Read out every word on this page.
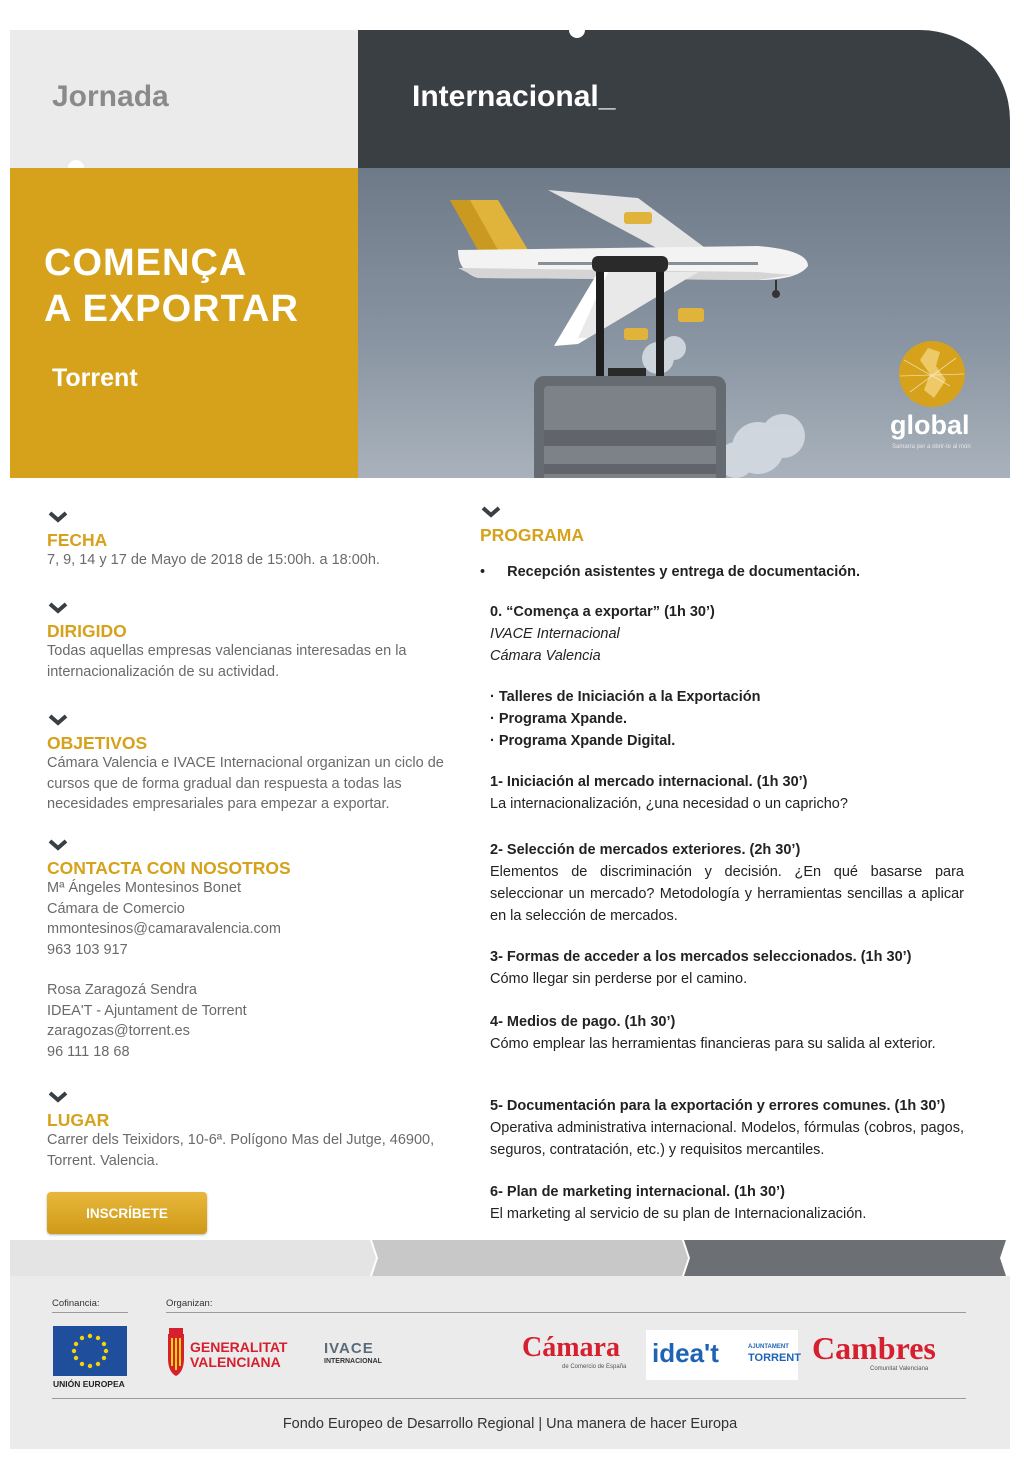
Jornada	Internacional_
COMENÇA
A EXPORTAR
Torrent
global
Samarra per a obrir-te al món
FECHA

7, 9, 14 y 17 de Mayo de 2018 de 15:00h. a 18:00h.

DIRIGIDO

Todas aquellas empresas valencianas interesadas en la internacionalización de su actividad.

OBJETIVOS

Cámara Valencia e IVACE Internacional organizan un ciclo de cursos que de forma gradual dan respuesta a todas las necesidades empresariales para empezar a exportar.

CONTACTA CON NOSOTROS

Mª Ángeles Montesinos Bonet

Cámara de Comercio

mmontesinos@camaravalencia.com

963 103 917

Rosa Zaragozá Sendra

IDEA'T - Ajuntament de Torrent

zaragozas@torrent.es

96 111 18 68

LUGAR

Carrer dels Teixidors, 10-6ª. Polígono Mas del Jutge, 46900, Torrent. Valencia.

INSCRÍBETE
PROGRAMA
• Recepción asistentes y entrega de documentación.
0. “Comença a exportar” (1h 30’)
IVACE Internacional
Cámara Valencia
· Talleres de Iniciación a la Exportación
· Programa Xpande.
· Programa Xpande Digital.
1- Iniciación al mercado internacional. (1h 30’)
La internacionalización, ¿una necesidad o un capricho?
2- Selección de mercados exteriores. (2h 30’)
Elementos de discriminación y decisión. ¿En qué basarse para seleccionar un mercado? Metodología y herramientas sencillas a aplicar en la selección de mercados.
3- Formas de acceder a los mercados seleccionados. (1h 30’)
Cómo llegar sin perderse por el camino.
4- Medios de pago. (1h 30’)
Cómo emplear las herramientas financieras para su salida al exterior.
5- Documentación para la exportación y errores comunes. (1h 30’)
Operativa administrativa internacional. Modelos, fórmulas (cobros, pagos, seguros, contratación, etc.) y requisitos mercantiles.
6- Plan de marketing internacional. (1h 30’)
El marketing al servicio de su plan de Internacionalización.
Cofinancia:	Organizan:
UNIÓN EUROPEA
GENERALITAT
VALENCIANA
IVACE
INTERNACIONAL	Cámara
de Comercio de España idea't	AJUNTAMENT
TORRENT Cambres
Comunitat Valenciana
Fondo Europeo de Desarrollo Regional | Una manera de hacer Europa
